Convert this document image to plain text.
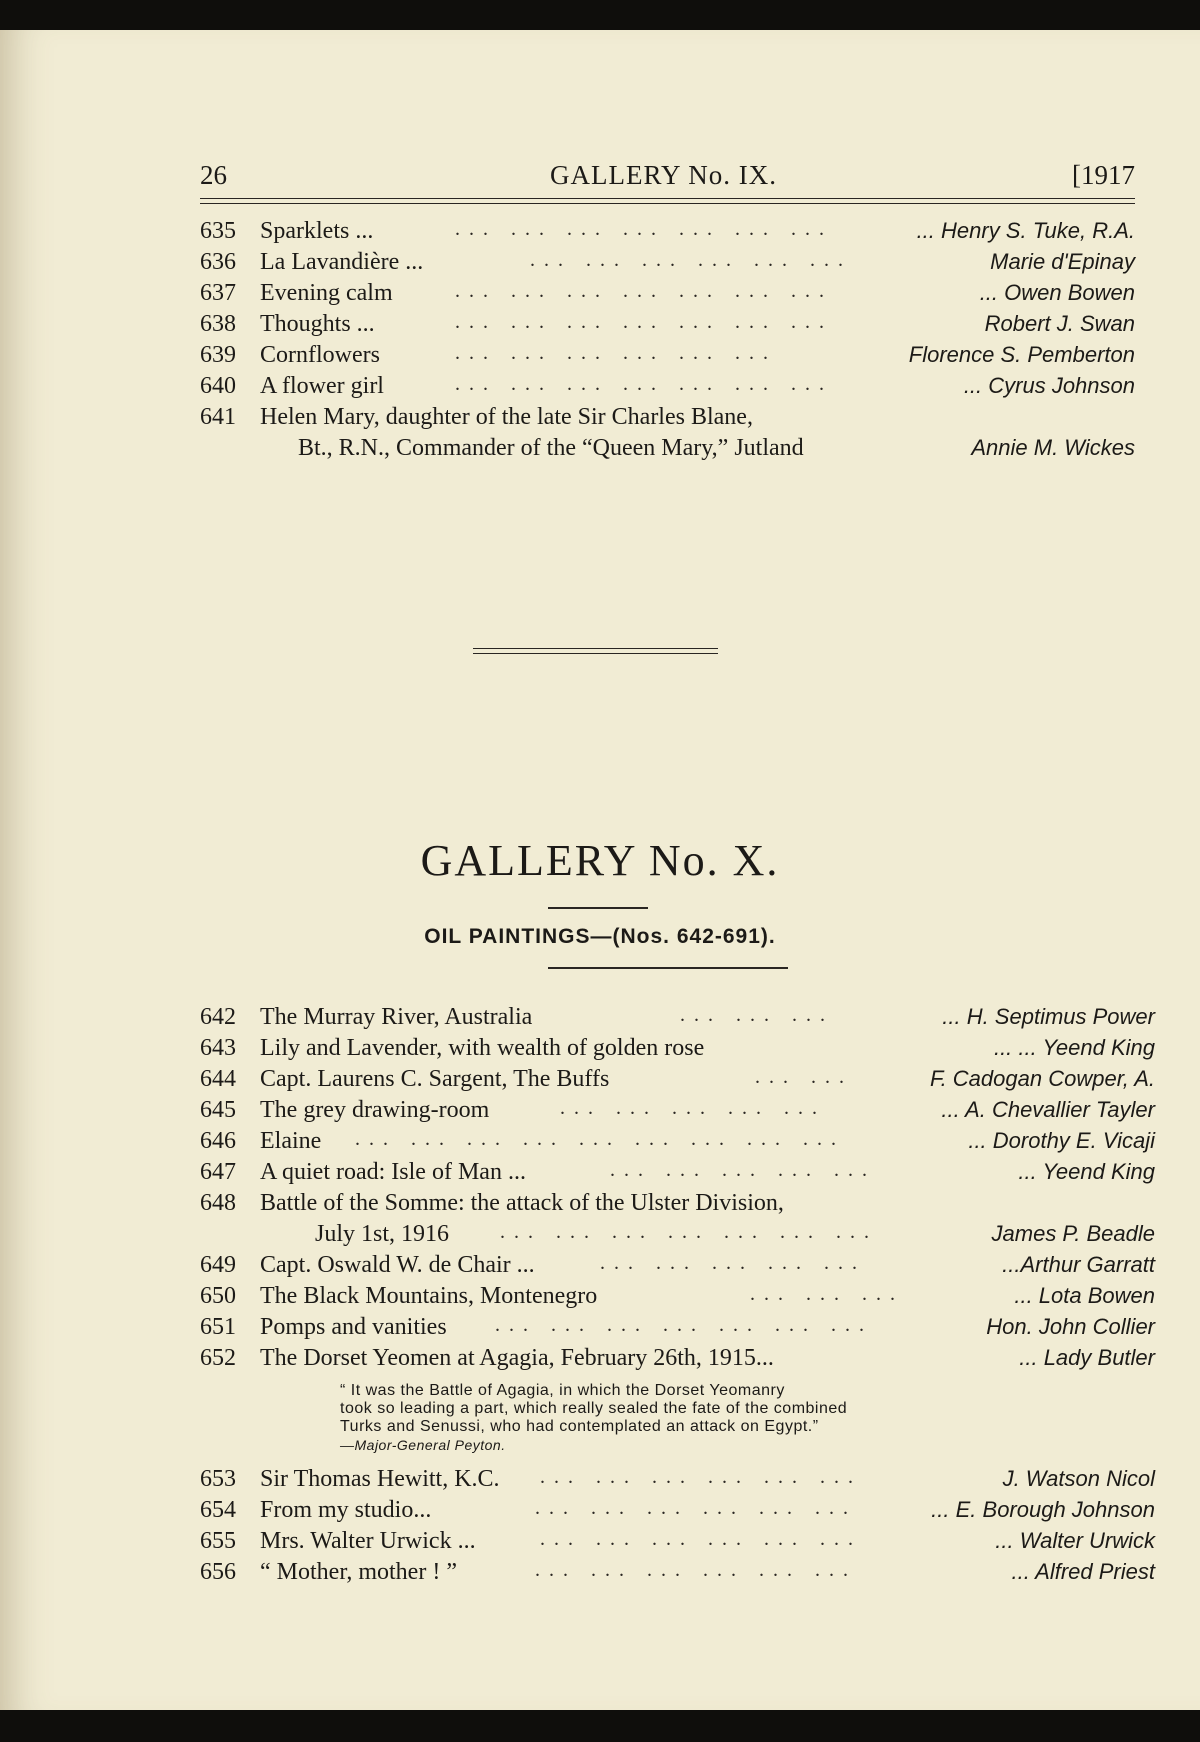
26	GALLERY No. IX.	[1917
635 Sparklets ...	... ... ... ... ... ... ...	... Henry S. Tuke, R.A.
636 La Lavandière ...	... ... ... ... ... ...	Marie d'Epinay
637 Evening calm	... ... ... ... ... ... ...	... Owen Bowen
638 Thoughts ...	... ... ... ... ... ... ...	Robert J. Swan
639 Cornflowers	... ... ... ... ... ...	Florence S. Pemberton
640 A flower girl	... ... ... ... ... ... ...	... Cyrus Johnson
641 Helen Mary, daughter of the late Sir Charles Blane,
Bt., R.N., Commander of the “Queen Mary,” Jutland	Annie M. Wickes
GALLERY No. X.
OIL PAINTINGS—(Nos. 642-691).
642 The Murray River, Australia	... ... ...	... H. Septimus Power
643 Lily and Lavender, with wealth of golden rose	... ... Yeend King
644 Capt. Laurens C. Sargent, The Buffs	... ...	F. Cadogan Cowper, A.
645 The grey drawing-room	... ... ... ... ...	... A. Chevallier Tayler
646 Elaine ... ... ... ... ... ... ... ... ...	... Dorothy E. Vicaji
647 A quiet road: Isle of Man ...	... ... ... ... ...	... Yeend King
648 Battle of the Somme: the attack of the Ulster Division,
July 1st, 1916	... ... ... ... ... ... ...	James P. Beadle
649 Capt. Oswald W. de Chair ...	... ... ... ... ...	...Arthur Garratt
650 The Black Mountains, Montenegro	... ... ...	... Lota Bowen
651 Pomps and vanities ... ... ... ... ... ... ...	Hon. John Collier
652 The Dorset Yeomen at Agagia, February 26th, 1915...	... Lady Butler
“ It was the Battle of Agagia, in which the Dorset Yeomanry
took so leading a part, which really sealed the fate of the combined
Turks and Senussi, who had contemplated an attack on Egypt.”
—Major-General Peyton.
653 Sir Thomas Hewitt, K.C. ... ... ... ... ... ...	J. Watson Nicol
654 From my studio...	... ... ... ... ... ...	... E. Borough Johnson
655 Mrs. Walter Urwick ...	... ... ... ... ... ...	... Walter Urwick
656 “ Mother, mother ! ”	... ... ... ... ... ...	... Alfred Priest
